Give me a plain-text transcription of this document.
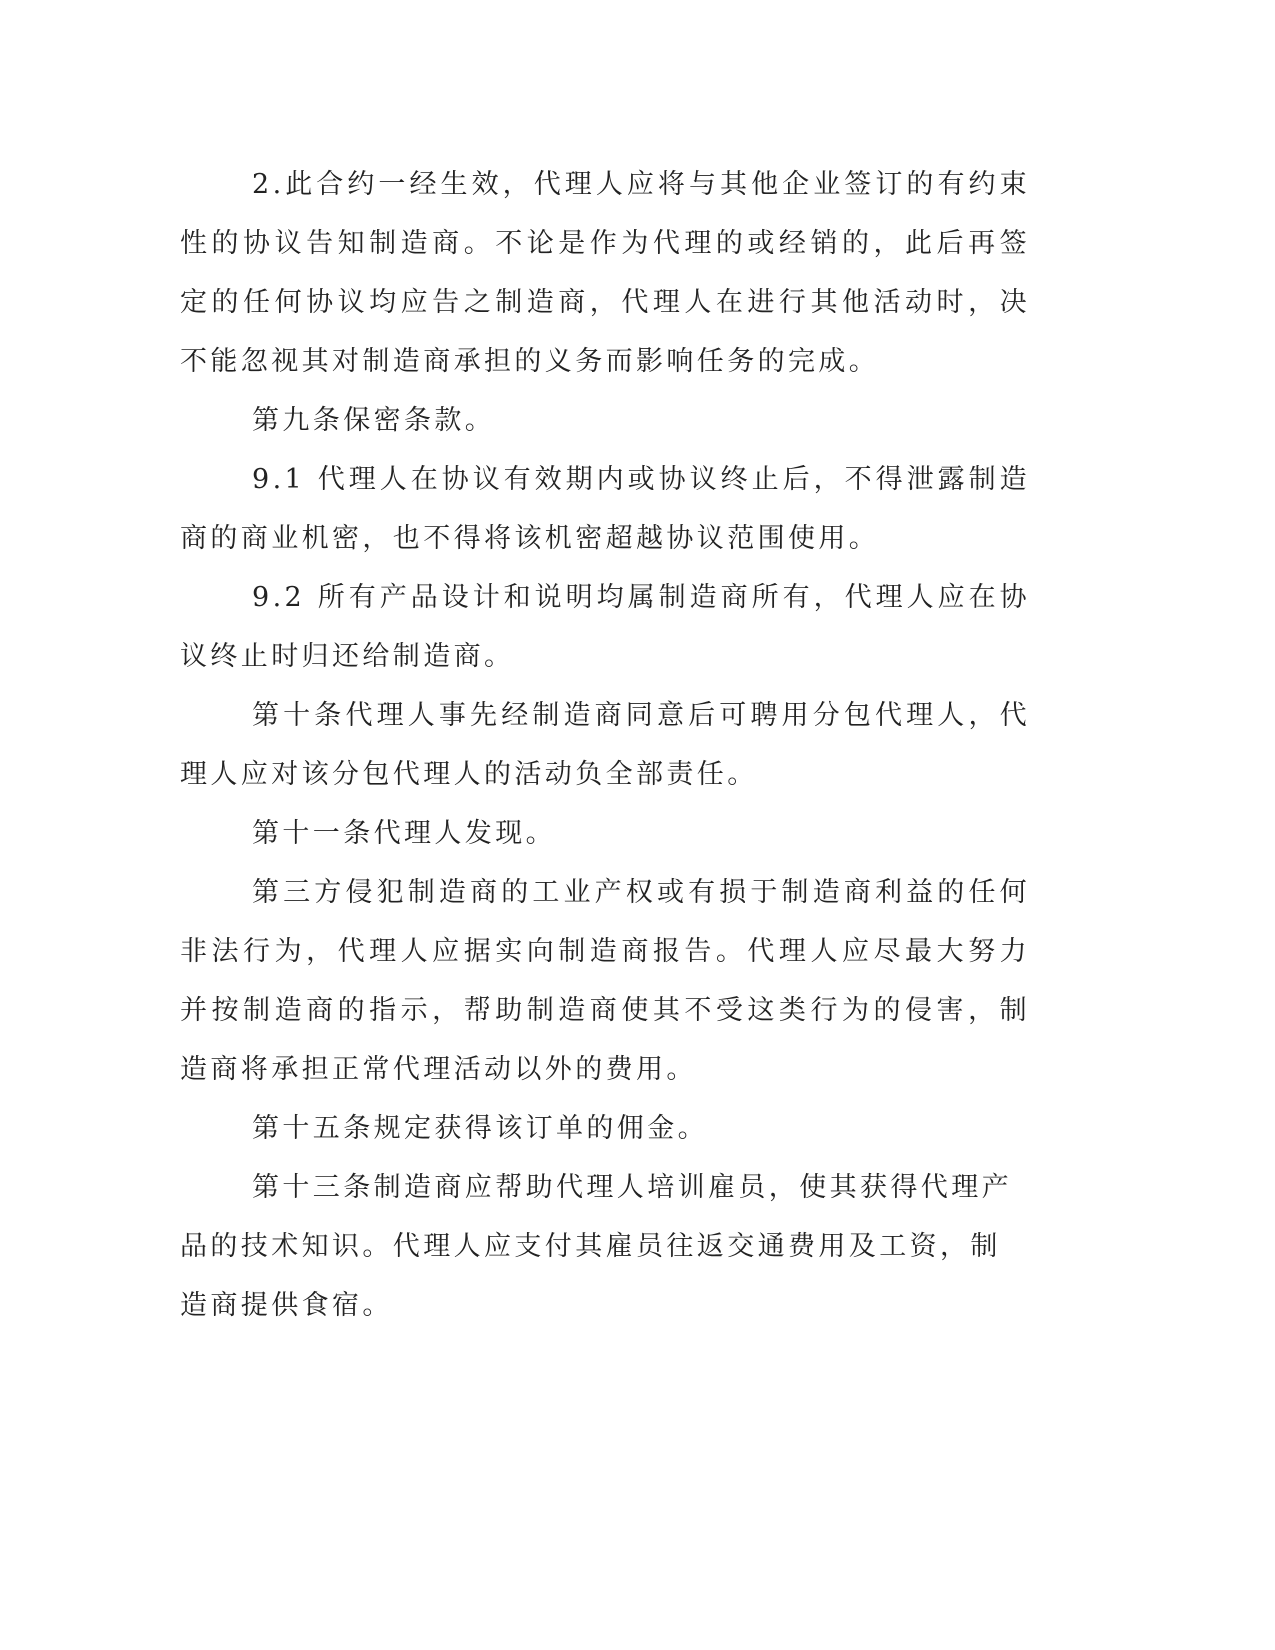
2.此合约一经生效，代理人应将与其他企业签订的有约束性的协议告知制造商。不论是作为代理的或经销的，此后再签定的任何协议均应告之制造商，代理人在进行其他活动时，决不能忽视其对制造商承担的义务而影响任务的完成。

第九条保密条款。

9.1 代理人在协议有效期内或协议终止后，不得泄露制造商的商业机密，也不得将该机密超越协议范围使用。

9.2 所有产品设计和说明均属制造商所有，代理人应在协议终止时归还给制造商。

第十条代理人事先经制造商同意后可聘用分包代理人，代理人应对该分包代理人的活动负全部责任。

第十一条代理人发现。

第三方侵犯制造商的工业产权或有损于制造商利益的任何非法行为，代理人应据实向制造商报告。代理人应尽最大努力并按制造商的指示，帮助制造商使其不受这类行为的侵害，制造商将承担正常代理活动以外的费用。

第十五条规定获得该订单的佣金。

第十三条制造商应帮助代理人培训雇员，使其获得代理产品的技术知识。代理人应支付其雇员往返交通费用及工资，制造商提供食宿。
